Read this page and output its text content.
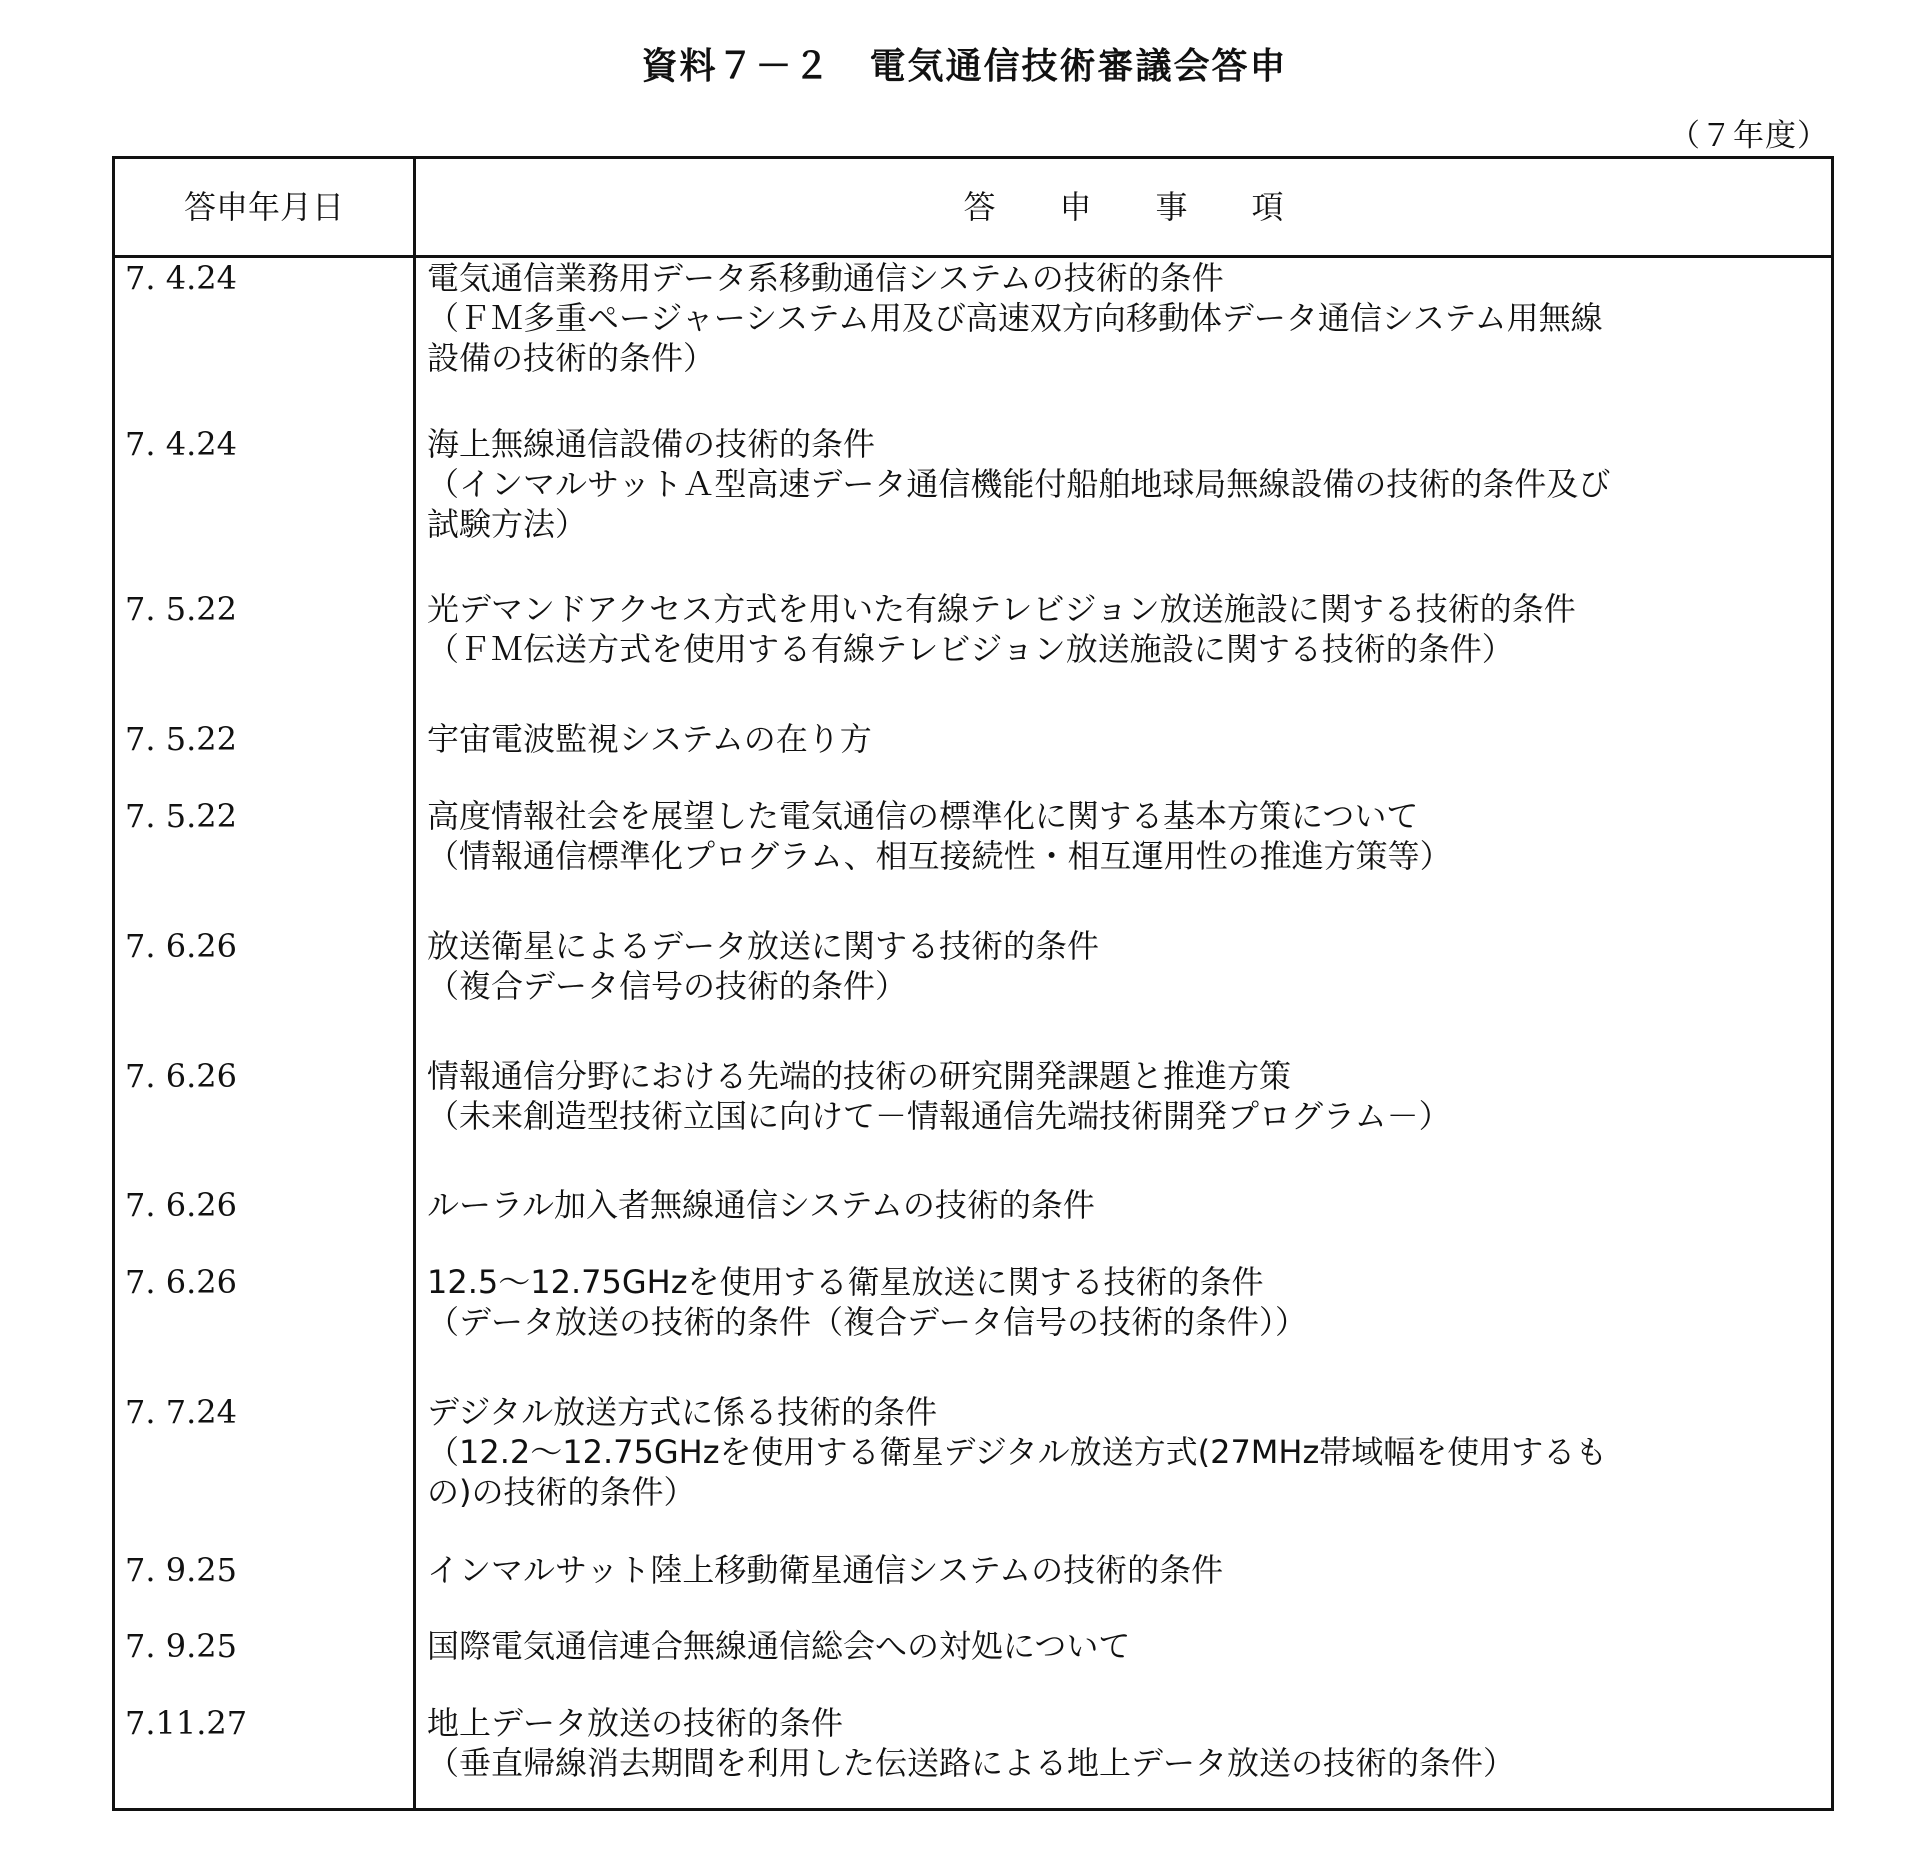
資料７－２　電気通信技術審議会答申
（７年度）
答申年月日	答　　申　　事　　項
7. 4.24	電気通信業務用データ系移動通信システムの技術的条件
（ＦＭ多重ページャーシステム用及び高速双方向移動体データ通信システム用無線
設備の技術的条件）
7. 4.24	海上無線通信設備の技術的条件
（インマルサットＡ型高速データ通信機能付船舶地球局無線設備の技術的条件及び
試験方法）
7. 5.22	光デマンドアクセス方式を用いた有線テレビジョン放送施設に関する技術的条件
（ＦＭ伝送方式を使用する有線テレビジョン放送施設に関する技術的条件）
7. 5.22	宇宙電波監視システムの在り方
7. 5.22	高度情報社会を展望した電気通信の標準化に関する基本方策について
（情報通信標準化プログラム、相互接続性・相互運用性の推進方策等）
7. 6.26	放送衛星によるデータ放送に関する技術的条件
（複合データ信号の技術的条件）
7. 6.26	情報通信分野における先端的技術の研究開発課題と推進方策
（未来創造型技術立国に向けて－情報通信先端技術開発プログラム－）
7. 6.26	ルーラル加入者無線通信システムの技術的条件
7. 6.26	12.5～12.75GHzを使用する衛星放送に関する技術的条件
（データ放送の技術的条件（複合データ信号の技術的条件））
7. 7.24	デジタル放送方式に係る技術的条件
（12.2～12.75GHzを使用する衛星デジタル放送方式(27MHz帯域幅を使用するも
の)の技術的条件）
7. 9.25	インマルサット陸上移動衛星通信システムの技術的条件
7. 9.25	国際電気通信連合無線通信総会への対処について
7.11.27	地上データ放送の技術的条件
（垂直帰線消去期間を利用した伝送路による地上データ放送の技術的条件）
